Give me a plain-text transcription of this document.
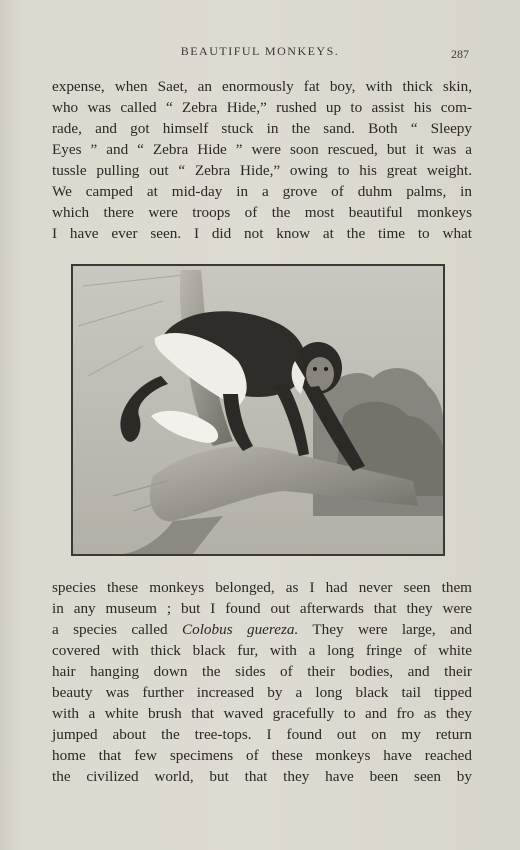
BEAUTIFUL MONKEYS.	287
expense, when Saet, an enormously fat boy, with thick skin,
who was called “ Zebra Hide,” rushed up to assist his com-
rade, and got himself stuck in the sand. Both “ Sleepy
Eyes ” and “ Zebra Hide ” were soon rescued, but it was a
tussle pulling out “ Zebra Hide,” owing to his great weight.
We camped at mid-day in a grove of duhm palms, in
which there were troops of the most beautiful monkeys
I have ever seen. I did not know at the time to what
species these monkeys belonged, as I had never seen them
in any museum ; but I found out afterwards that they were
a species called Colobus guereza. They were large, and
covered with thick black fur, with a long fringe of white
hair hanging down the sides of their bodies, and their
beauty was further increased by a long black tail tipped
with a white brush that waved gracefully to and fro as they
jumped about the tree-tops. I found out on my return
home that few specimens of these monkeys have reached
the civilized world, but that they have been seen by
